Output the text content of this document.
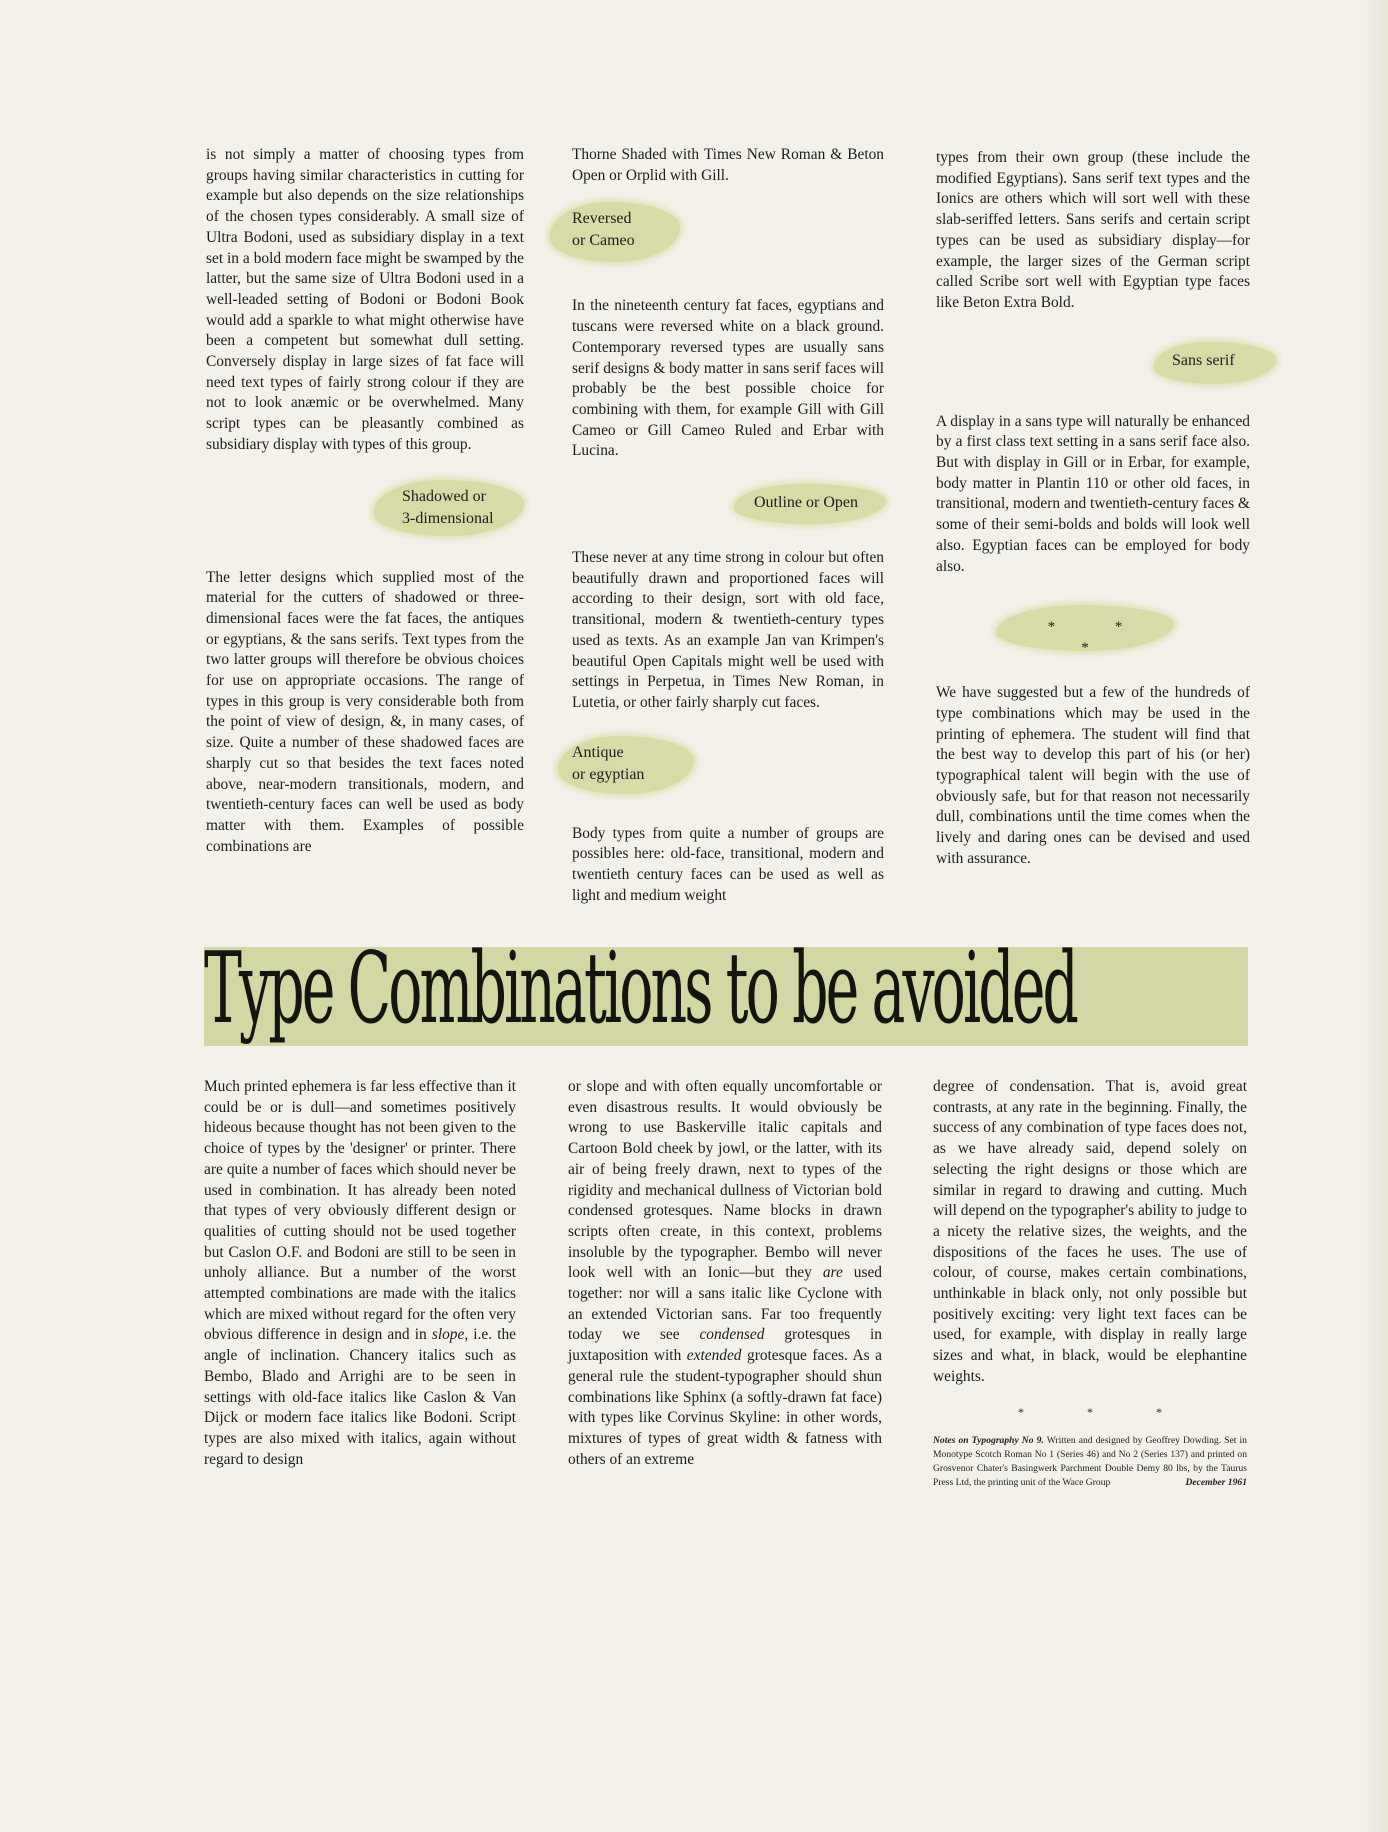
is not simply a matter of choosing types from groups having similar characteristics in cutting for example but also depends on the size relationships of the chosen types considerably. A small size of Ultra Bodoni, used as subsidiary display in a text set in a bold modern face might be swamped by the latter, but the same size of Ultra Bodoni used in a well-leaded setting of Bodoni or Bodoni Book would add a sparkle to what might otherwise have been a competent but somewhat dull setting. Conversely display in large sizes of fat face will need text types of fairly strong colour if they are not to look anæmic or be overwhelmed. Many script types can be pleasantly combined as subsidiary display with types of this group.

Shadowed or
3-dimensional

The letter designs which supplied most of the material for the cutters of shadowed or three-dimensional faces were the fat faces, the antiques or egyptians, & the sans serifs. Text types from the two latter groups will therefore be obvious choices for use on appropriate occasions. The range of types in this group is very considerable both from the point of view of design, &, in many cases, of size. Quite a number of these shadowed faces are sharply cut so that besides the text faces noted above, near-modern transitionals, modern, and twentieth-century faces can well be used as body matter with them. Examples of possible combinations are

Thorne Shaded with Times New Roman & Beton Open or Orplid with Gill.

Reversed
or Cameo

In the nineteenth century fat faces, egyptians and tuscans were reversed white on a black ground. Contemporary reversed types are usually sans serif designs & body matter in sans serif faces will probably be the best possible choice for combining with them, for example Gill with Gill Cameo or Gill Cameo Ruled and Erbar with Lucina.

Outline or Open

These never at any time strong in colour but often beautifully drawn and proportioned faces will according to their design, sort with old face, transitional, modern & twentieth-century types used as texts. As an example Jan van Krimpen's beautiful Open Capitals might well be used with settings in Perpetua, in Times New Roman, in Lutetia, or other fairly sharply cut faces.

Antique
or egyptian

Body types from quite a number of groups are possibles here: old-face, transitional, modern and twentieth century faces can be used as well as light and medium weight

types from their own group (these include the modified Egyptians). Sans serif text types and the Ionics are others which will sort well with these slab-seriffed letters. Sans serifs and certain script types can be used as subsidiary display—for example, the larger sizes of the German script called Scribe sort well with Egyptian type faces like Beton Extra Bold.

Sans serif

A display in a sans type will naturally be enhanced by a first class text setting in a sans serif face also. But with display in Gill or in Erbar, for example, body matter in Plantin 110 or other old faces, in transitional, modern and twentieth-century faces & some of their semi-bolds and bolds will look well also. Egyptian faces can be employed for body also.

* * *

We have suggested but a few of the hundreds of type combinations which may be used in the printing of ephemera. The student will find that the best way to develop this part of his (or her) typographical talent will begin with the use of obviously safe, but for that reason not necessarily dull, combinations until the time comes when the lively and daring ones can be devised and used with assurance.

Type Combinations to be avoided

Much printed ephemera is far less effective than it could be or is dull—and sometimes positively hideous because thought has not been given to the choice of types by the 'designer' or printer. There are quite a number of faces which should never be used in combination. It has already been noted that types of very obviously different design or qualities of cutting should not be used together but Caslon O.F. and Bodoni are still to be seen in unholy alliance. But a number of the worst attempted combinations are made with the italics which are mixed without regard for the often very obvious difference in design and in slope, i.e. the angle of inclination. Chancery italics such as Bembo, Blado and Arrighi are to be seen in settings with old-face italics like Caslon & Van Dijck or modern face italics like Bodoni. Script types are also mixed with italics, again without regard to design

or slope and with often equally uncomfortable or even disastrous results. It would obviously be wrong to use Baskerville italic capitals and Cartoon Bold cheek by jowl, or the latter, with its air of being freely drawn, next to types of the rigidity and mechanical dullness of Victorian bold condensed grotesques. Name blocks in drawn scripts often create, in this context, problems insoluble by the typographer. Bembo will never look well with an Ionic—but they are used together: nor will a sans italic like Cyclone with an extended Victorian sans. Far too frequently today we see condensed grotesques in juxtaposition with extended grotesque faces. As a general rule the student-typographer should shun combinations like Sphinx (a softly-drawn fat face) with types like Corvinus Skyline: in other words, mixtures of types of great width & fatness with others of an extreme

degree of condensation. That is, avoid great contrasts, at any rate in the beginning. Finally, the success of any combination of type faces does not, as we have already said, depend solely on selecting the right designs or those which are similar in regard to drawing and cutting. Much will depend on the typographer's ability to judge to a nicety the relative sizes, the weights, and the dispositions of the faces he uses. The use of colour, of course, makes certain combinations, unthinkable in black only, not only possible but positively exciting: very light text faces can be used, for example, with display in really large sizes and what, in black, would be elephantine weights.

* * *
Notes on Typography No 9. Written and designed by Geoffrey Dowding. Set in Monotype Scotch Roman No 1 (Series 46) and No 2 (Series 137) and printed on Grosvenor Chater's Basingwerk Parchment Double Demy 80 lbs, by the Taurus Press Ltd, the printing unit of the Wace Group	December 1961
